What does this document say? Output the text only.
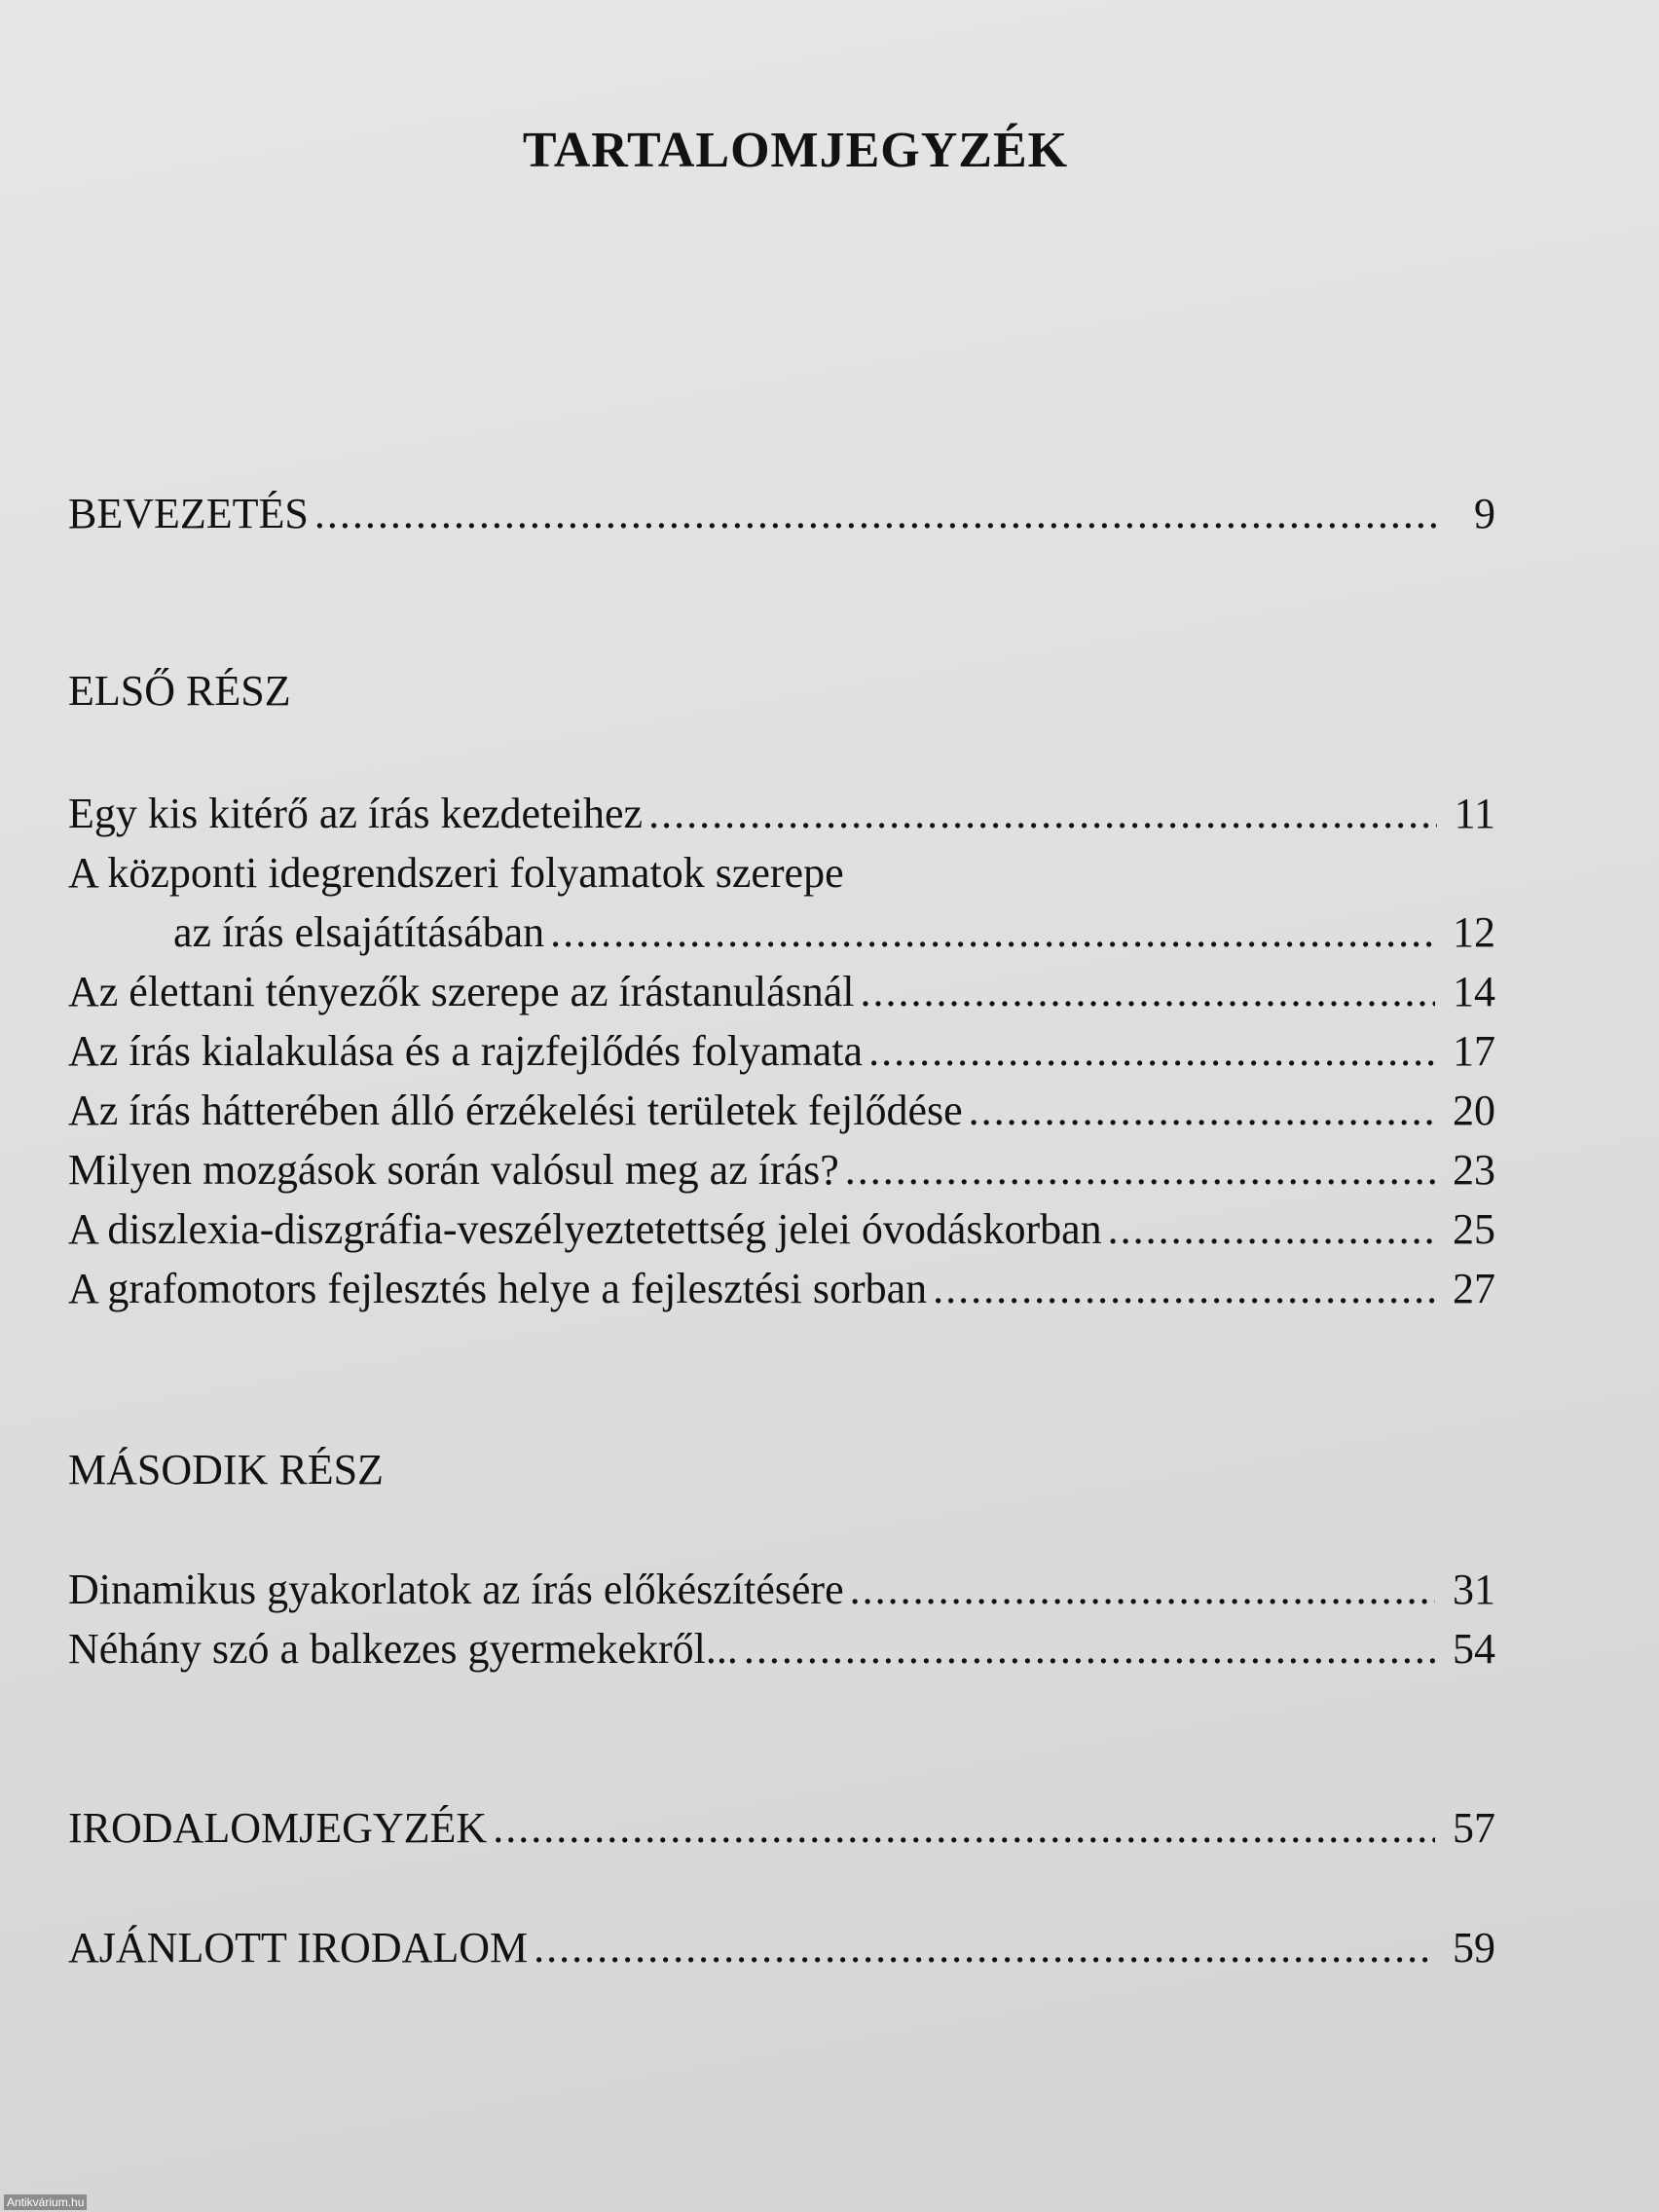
TARTALOMJEGYZÉK
BEVEZETÉS .....	9
ELSŐ RÉSZ
Egy kis kitérő az írás kezdeteihez .....	11
A központi idegrendszeri folyamatok szerepe
az írás elsajátításában .....	12
Az élettani tényezők szerepe az írástanulásnál .....	14
Az írás kialakulása és a rajzfejlődés folyamata .....	17
Az írás hátterében álló érzékelési területek fejlődése .....	20
Milyen mozgások során valósul meg az írás? .....	23
A diszlexia-diszgráfia-veszélyeztetettség jelei óvodáskorban .....	25
A grafomotors fejlesztés helye a fejlesztési sorban .....	27
MÁSODIK RÉSZ
Dinamikus gyakorlatok az írás előkészítésére .....	31
Néhány szó a balkezes gyermekekről... .....	54
IRODALOMJEGYZÉK .....	57
AJÁNLOTT IRODALOM .....	59
Antikvárium.hu
